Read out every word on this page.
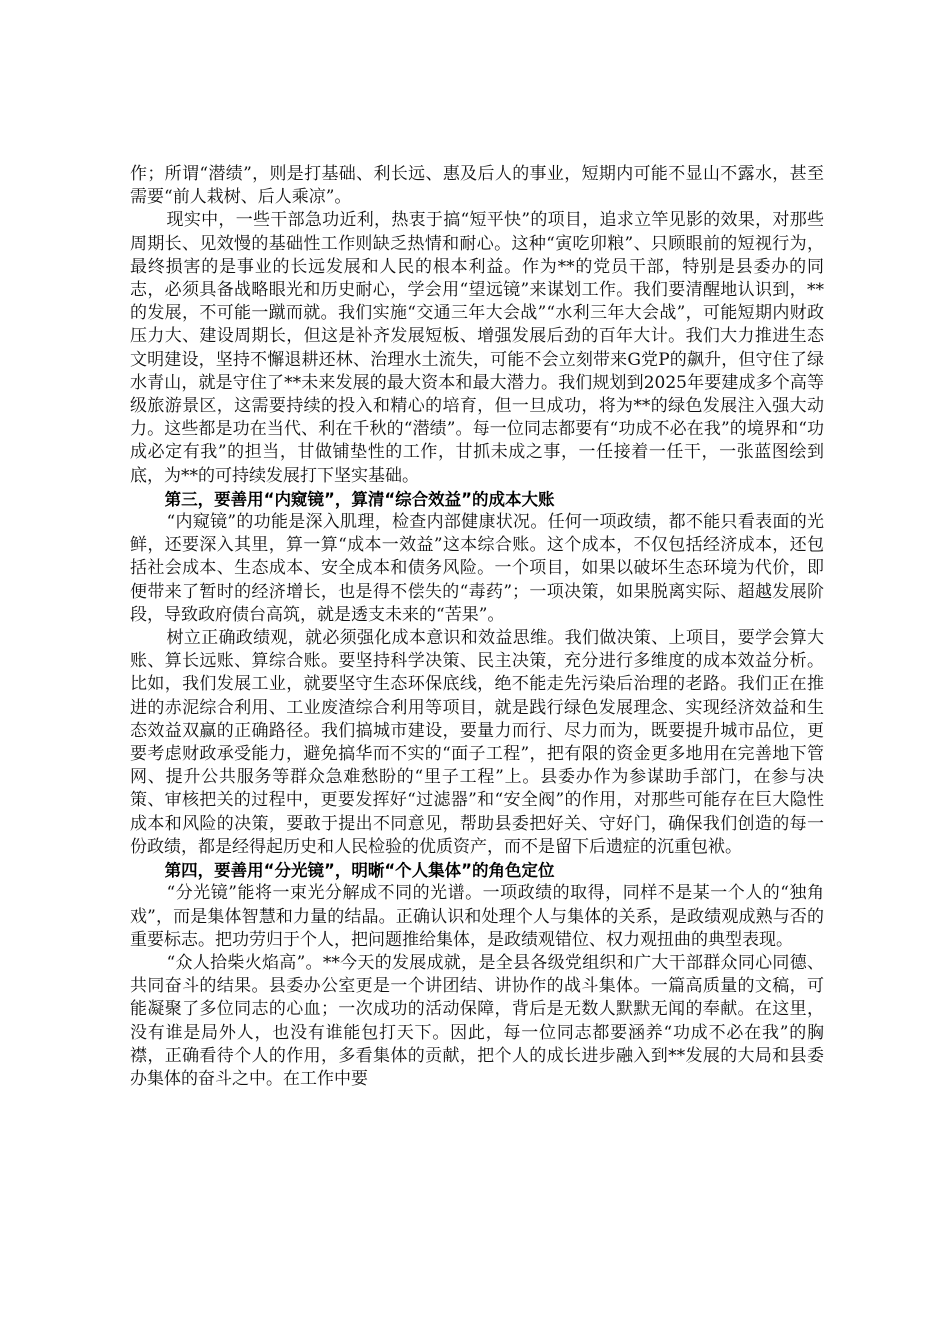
作；所谓“潜绩”，则是打基础、利长远、惠及后人的事业，短期内可能不显山不露水，甚至需要“前人栽树、后人乘凉”。

现实中，一些干部急功近利，热衷于搞“短平快”的项目，追求立竿见影的效果，对那些周期长、见效慢的基础性工作则缺乏热情和耐心。这种“寅吃卯粮”、只顾眼前的短视行为，最终损害的是事业的长远发展和人民的根本利益。作为**的党员干部，特别是县委办的同志，必须具备战略眼光和历史耐心，学会用“望远镜”来谋划工作。我们要清醒地认识到，**的发展，不可能一蹴而就。我们实施“交通三年大会战”“水利三年大会战”，可能短期内财政压力大、建设周期长，但这是补齐发展短板、增强发展后劲的百年大计。我们大力推进生态文明建设，坚持不懈退耕还林、治理水土流失，可能不会立刻带来G党P的飙升，但守住了绿水青山，就是守住了**未来发展的最大资本和最大潜力。我们规划到2025年要建成多个高等级旅游景区，这需要持续的投入和精心的培育，但一旦成功，将为**的绿色发展注入强大动力。这些都是功在当代、利在千秋的“潜绩”。每一位同志都要有“功成不必在我”的境界和“功成必定有我”的担当，甘做铺垫性的工作，甘抓未成之事，一任接着一任干，一张蓝图绘到底，为**的可持续发展打下坚实基础。

第三，要善用“内窥镜”，算清“综合效益”的成本大账

“内窥镜”的功能是深入肌理，检查内部健康状况。任何一项政绩，都不能只看表面的光鲜，还要深入其里，算一算“成本一效益”这本综合账。这个成本，不仅包括经济成本，还包括社会成本、生态成本、安全成本和债务风险。一个项目，如果以破坏生态环境为代价，即便带来了暂时的经济增长，也是得不偿失的“毒药”；一项决策，如果脱离实际、超越发展阶段，导致政府债台高筑，就是透支未来的“苦果”。

树立正确政绩观，就必须强化成本意识和效益思维。我们做决策、上项目，要学会算大账、算长远账、算综合账。要坚持科学决策、民主决策，充分进行多维度的成本效益分析。比如，我们发展工业，就要坚守生态环保底线，绝不能走先污染后治理的老路。我们正在推进的赤泥综合利用、工业废渣综合利用等项目，就是践行绿色发展理念、实现经济效益和生态效益双赢的正确路径。我们搞城市建设，要量力而行、尽力而为，既要提升城市品位，更要考虑财政承受能力，避免搞华而不实的“面子工程”，把有限的资金更多地用在完善地下管网、提升公共服务等群众急难愁盼的“里子工程”上。县委办作为参谋助手部门，在参与决策、审核把关的过程中，更要发挥好“过滤器”和“安全阀”的作用，对那些可能存在巨大隐性成本和风险的决策，要敢于提出不同意见，帮助县委把好关、守好门，确保我们创造的每一份政绩，都是经得起历史和人民检验的优质资产，而不是留下后遗症的沉重包袱。

第四，要善用“分光镜”，明晰“个人集体”的角色定位

“分光镜”能将一束光分解成不同的光谱。一项政绩的取得，同样不是某一个人的“独角戏”，而是集体智慧和力量的结晶。正确认识和处理个人与集体的关系，是政绩观成熟与否的重要标志。把功劳归于个人，把问题推给集体，是政绩观错位、权力观扭曲的典型表现。

“众人拾柴火焰高”。**今天的发展成就，是全县各级党组织和广大干部群众同心同德、共同奋斗的结果。县委办公室更是一个讲团结、讲协作的战斗集体。一篇高质量的文稿，可能凝聚了多位同志的心血；一次成功的活动保障，背后是无数人默默无闻的奉献。在这里，没有谁是局外人，也没有谁能包打天下。因此，每一位同志都要涵养“功成不必在我”的胸襟，正确看待个人的作用，多看集体的贡献，把个人的成长进步融入到**发展的大局和县委办集体的奋斗之中。在工作中要
